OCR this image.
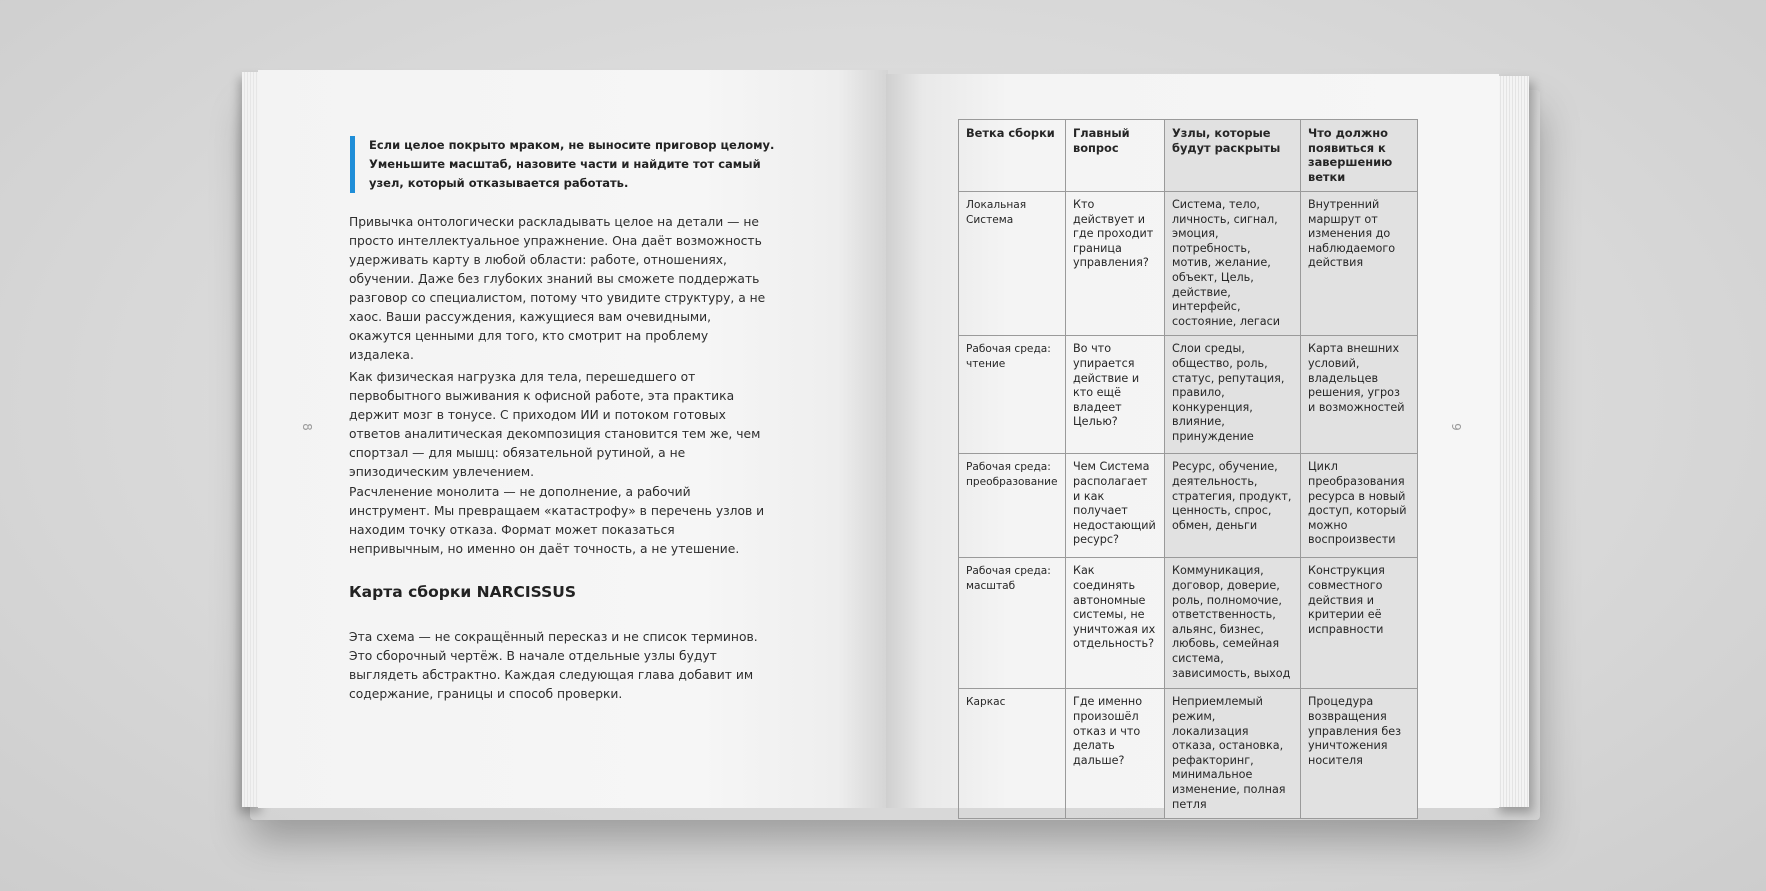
8	9
Если целое покрыто мраком, не выносите приговор целому. Уменьшите масштаб, назовите части и найдите тот самый узел, который отказывается работать.
Привычка онтологически раскладывать целое на детали — не просто интеллектуальное упражнение. Она даёт возможность удерживать карту в любой области: работе, отношениях, обучении. Даже без глубоких знаний вы сможете поддержать разговор со специалистом, потому что увидите структуру, а не хаос. Ваши рассуждения, кажущиеся вам очевидными, окажутся ценными для того, кто смотрит на проблему издалека.
Как физическая нагрузка для тела, перешедшего от первобытного выживания к офисной работе, эта практика держит мозг в тонусе. С приходом ИИ и потоком готовых ответов аналитическая декомпозиция становится тем же, чем спортзал — для мышц: обязательной рутиной, а не эпизодическим увлечением.
Расчленение монолита — не дополнение, а рабочий инструмент. Мы превращаем «катастрофу» в перечень узлов и находим точку отказа. Формат может показаться непривычным, но именно он даёт точность, а не утешение.
Карта сборки NARCISSUS
Эта схема — не сокращённый пересказ и не список терминов. Это сборочный чертёж. В начале отдельные узлы будут выглядеть абстрактно. Каждая следующая глава добавит им содержание, границы и способ проверки.
Ветка сборки	Главный вопрос	Узлы, которые будут раскрыты	Что должно появиться к завершению ветки
Локальная Система	Кто действует и где проходит граница управления?	Система, тело, личность, сигнал, эмоция, потребность, мотив, желание, объект, Цель, действие, интерфейс, состояние, легаси	Внутренний маршрут от изменения до наблюдаемого действия
Рабочая среда: чтение	Во что упирается действие и кто ещё владеет Целью?	Слои среды, общество, роль, статус, репутация, правило, конкуренция, влияние, принуждение	Карта внешних условий, владельцев решения, угроз и возможностей
Рабочая среда: преобразование	Чем Система располагает и как получает недостающий ресурс?	Ресурс, обучение, деятельность, стратегия, продукт, ценность, спрос, обмен, деньги	Цикл преобразования ресурса в новый доступ, который можно воспроизвести
Рабочая среда: масштаб	Как соединять автономные системы, не уничтожая их отдельность?	Коммуникация, договор, доверие, роль, полномочие, ответственность, альянс, бизнес, любовь, семейная система, зависимость, выход	Конструкция совместного действия и критерии её исправности
Каркас	Где именно произошёл отказ и что делать дальше?	Неприемлемый режим, локализация отказа, остановка, рефакторинг, минимальное изменение, полная петля	Процедура возвращения управления без уничтожения носителя
